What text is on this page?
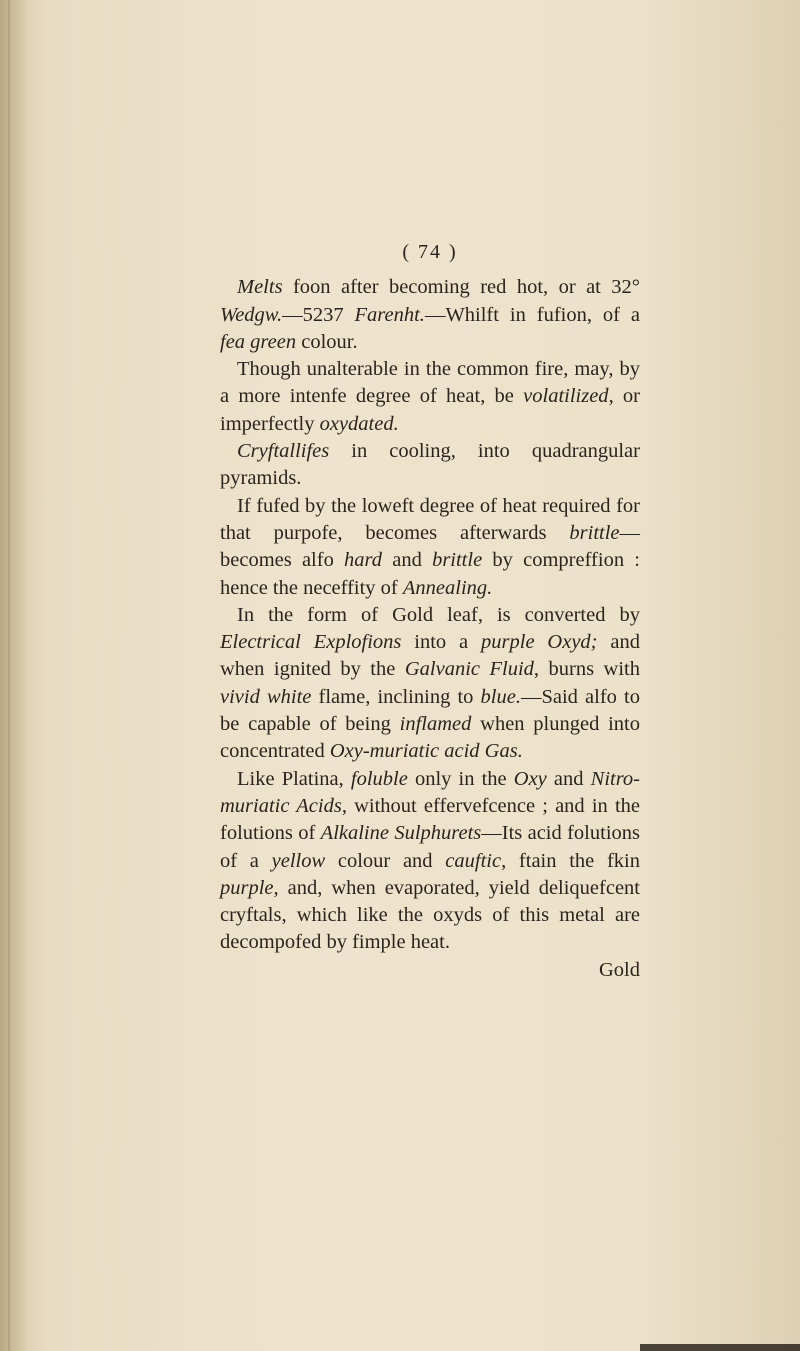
( 74 )

Melts foon after becoming red hot, or at 32° Wedgw.—5237 Farenht.—Whilft in fufion, of a fea green colour.

Though unalterable in the common fire, may, by a more intenfe degree of heat, be volatilized, or imperfectly oxydated.

Cryftallifes in cooling, into quadrangular pyramids.

If fufed by the loweft degree of heat required for that purpofe, becomes afterwards brittle—becomes alfo hard and brittle by compreffion : hence the neceffity of Annealing.

In the form of Gold leaf, is converted by Electrical Explofions into a purple Oxyd; and when ignited by the Galvanic Fluid, burns with vivid white flame, inclining to blue.—Said alfo to be capable of being inflamed when plunged into concentrated Oxy-muriatic acid Gas.

Like Platina, foluble only in the Oxy and Nitro-muriatic Acids, without effervefcence ; and in the folutions of Alkaline Sulphurets—Its acid folutions of a yellow colour and cauftic, ftain the fkin purple, and, when evaporated, yield deliquefcent cryftals, which like the oxyds of this metal are decompofed by fimple heat.

Gold
